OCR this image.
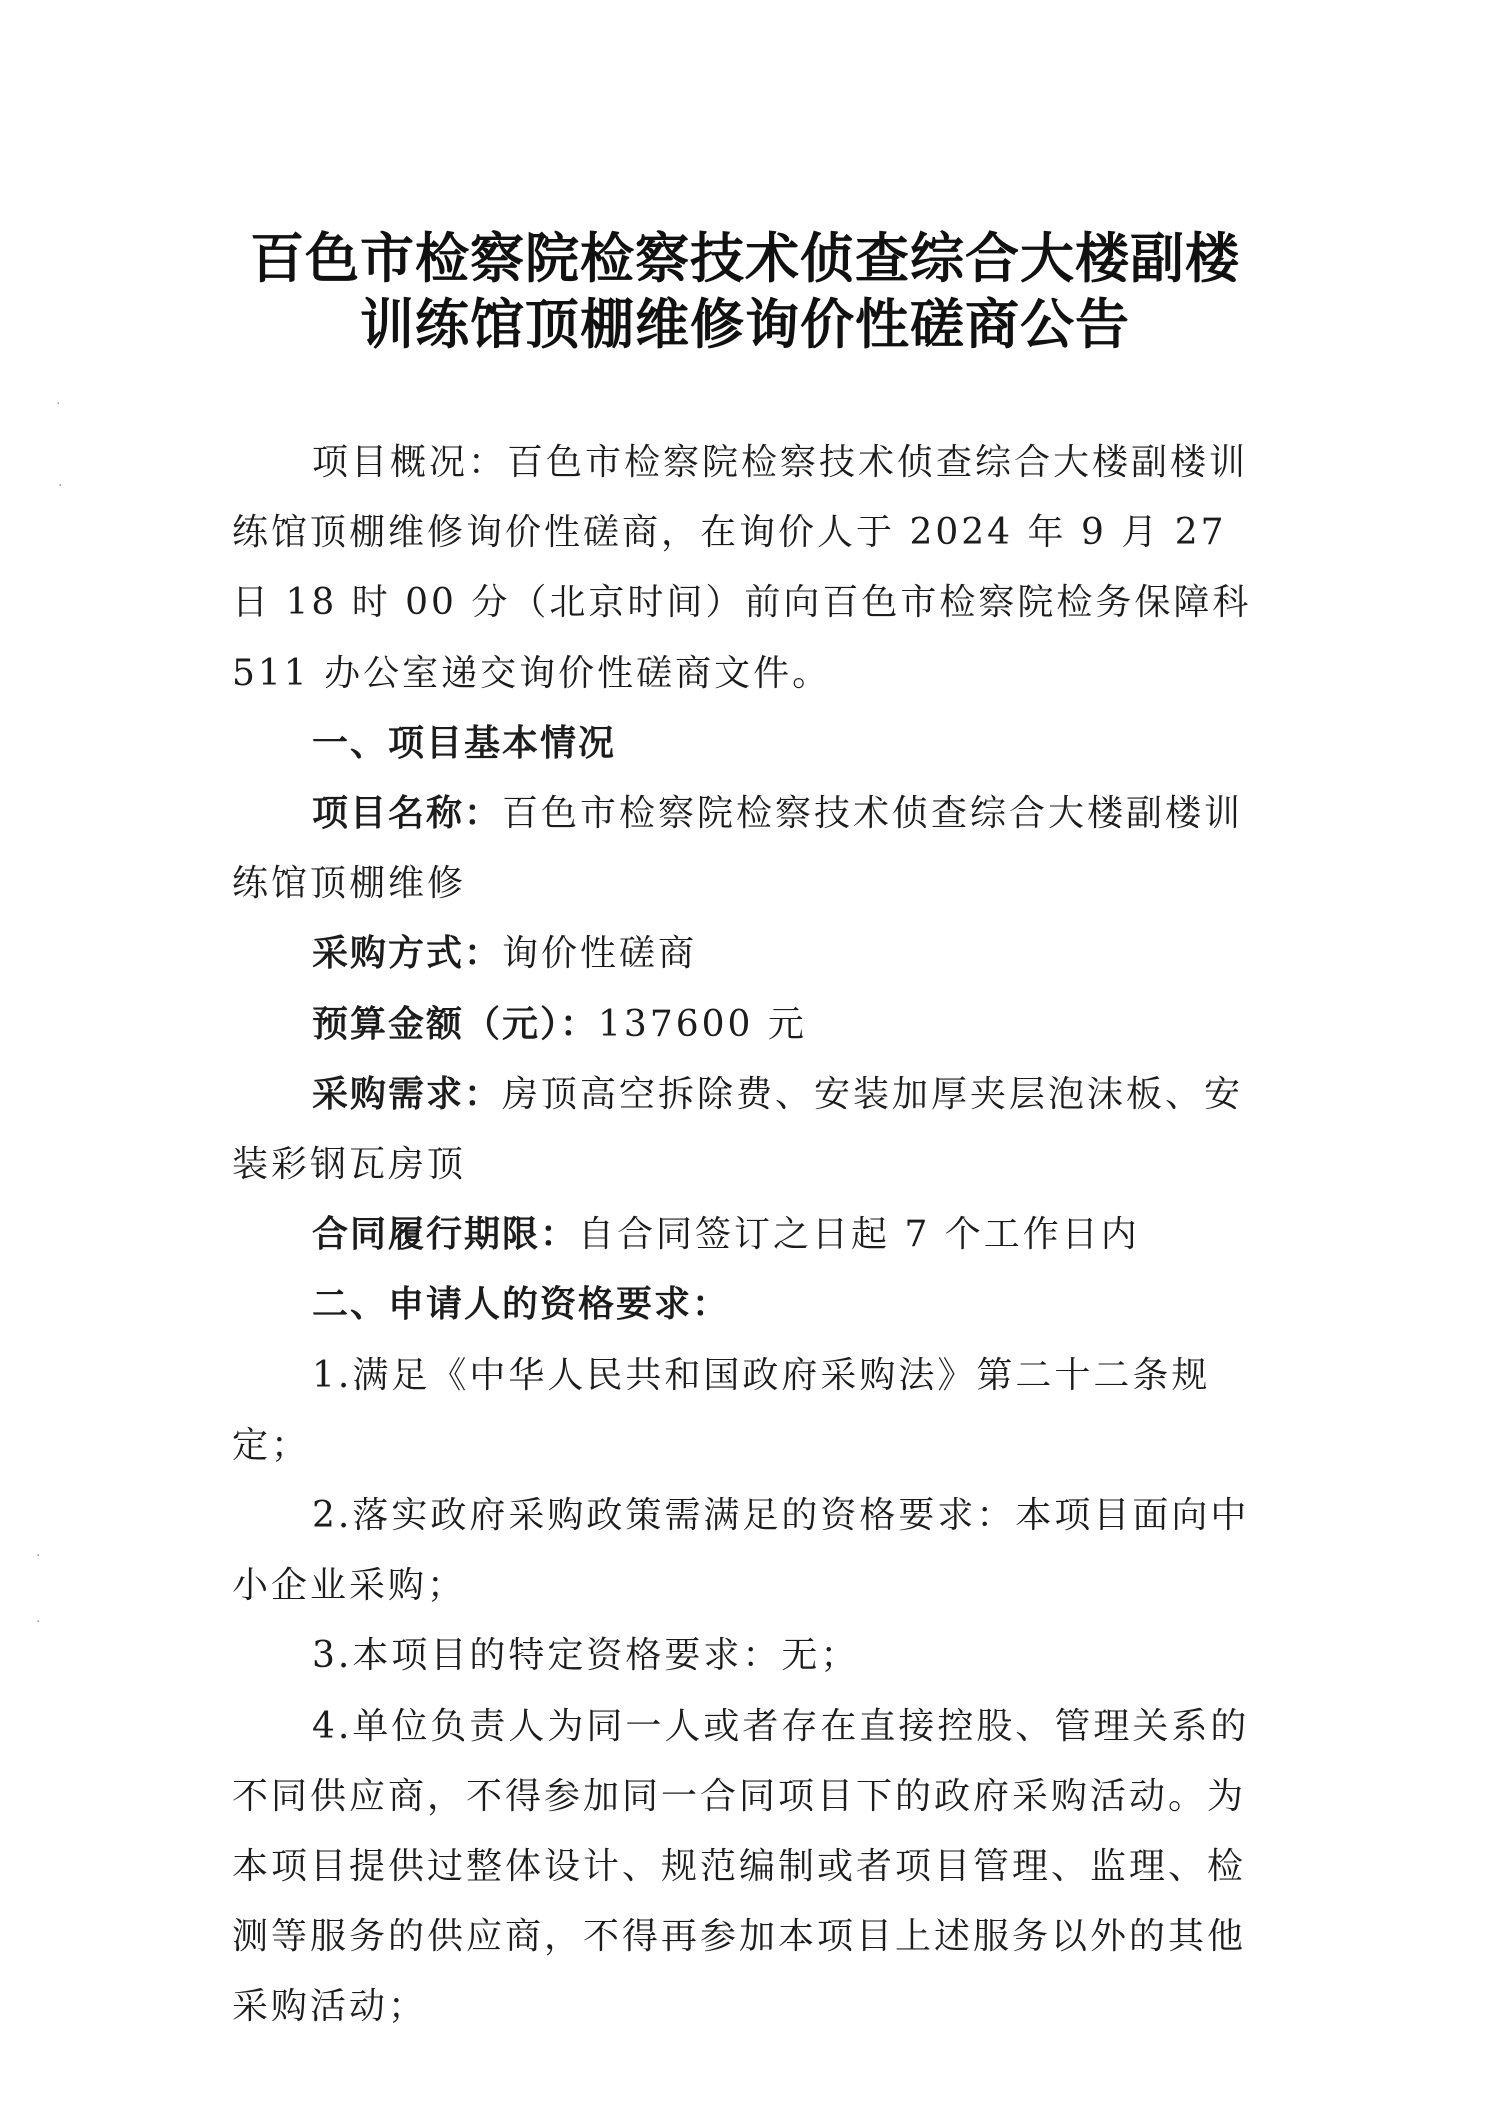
百色市检察院检察技术侦查综合大楼副楼
训练馆顶棚维修询价性磋商公告

项目概况：百色市检察院检察技术侦查综合大楼副楼训练馆顶棚维修询价性磋商，在询价人于 2024 年 9 月 27 日 18 时 00 分（北京时间）前向百色市检察院检务保障科 511 办公室递交询价性磋商文件。

一、项目基本情况

项目名称：百色市检察院检察技术侦查综合大楼副楼训练馆顶棚维修

采购方式：询价性磋商

预算金额（元）：137600 元

采购需求：房顶高空拆除费、安装加厚夹层泡沫板、安装彩钢瓦房顶

合同履行期限：自合同签订之日起 7 个工作日内

二、申请人的资格要求：

1.满足《中华人民共和国政府采购法》第二十二条规定；

2.落实政府采购政策需满足的资格要求：本项目面向中小企业采购；

3.本项目的特定资格要求：无；

4.单位负责人为同一人或者存在直接控股、管理关系的不同供应商，不得参加同一合同项目下的政府采购活动。为本项目提供过整体设计、规范编制或者项目管理、监理、检测等服务的供应商，不得再参加本项目上述服务以外的其他采购活动；

·
·
·
·
